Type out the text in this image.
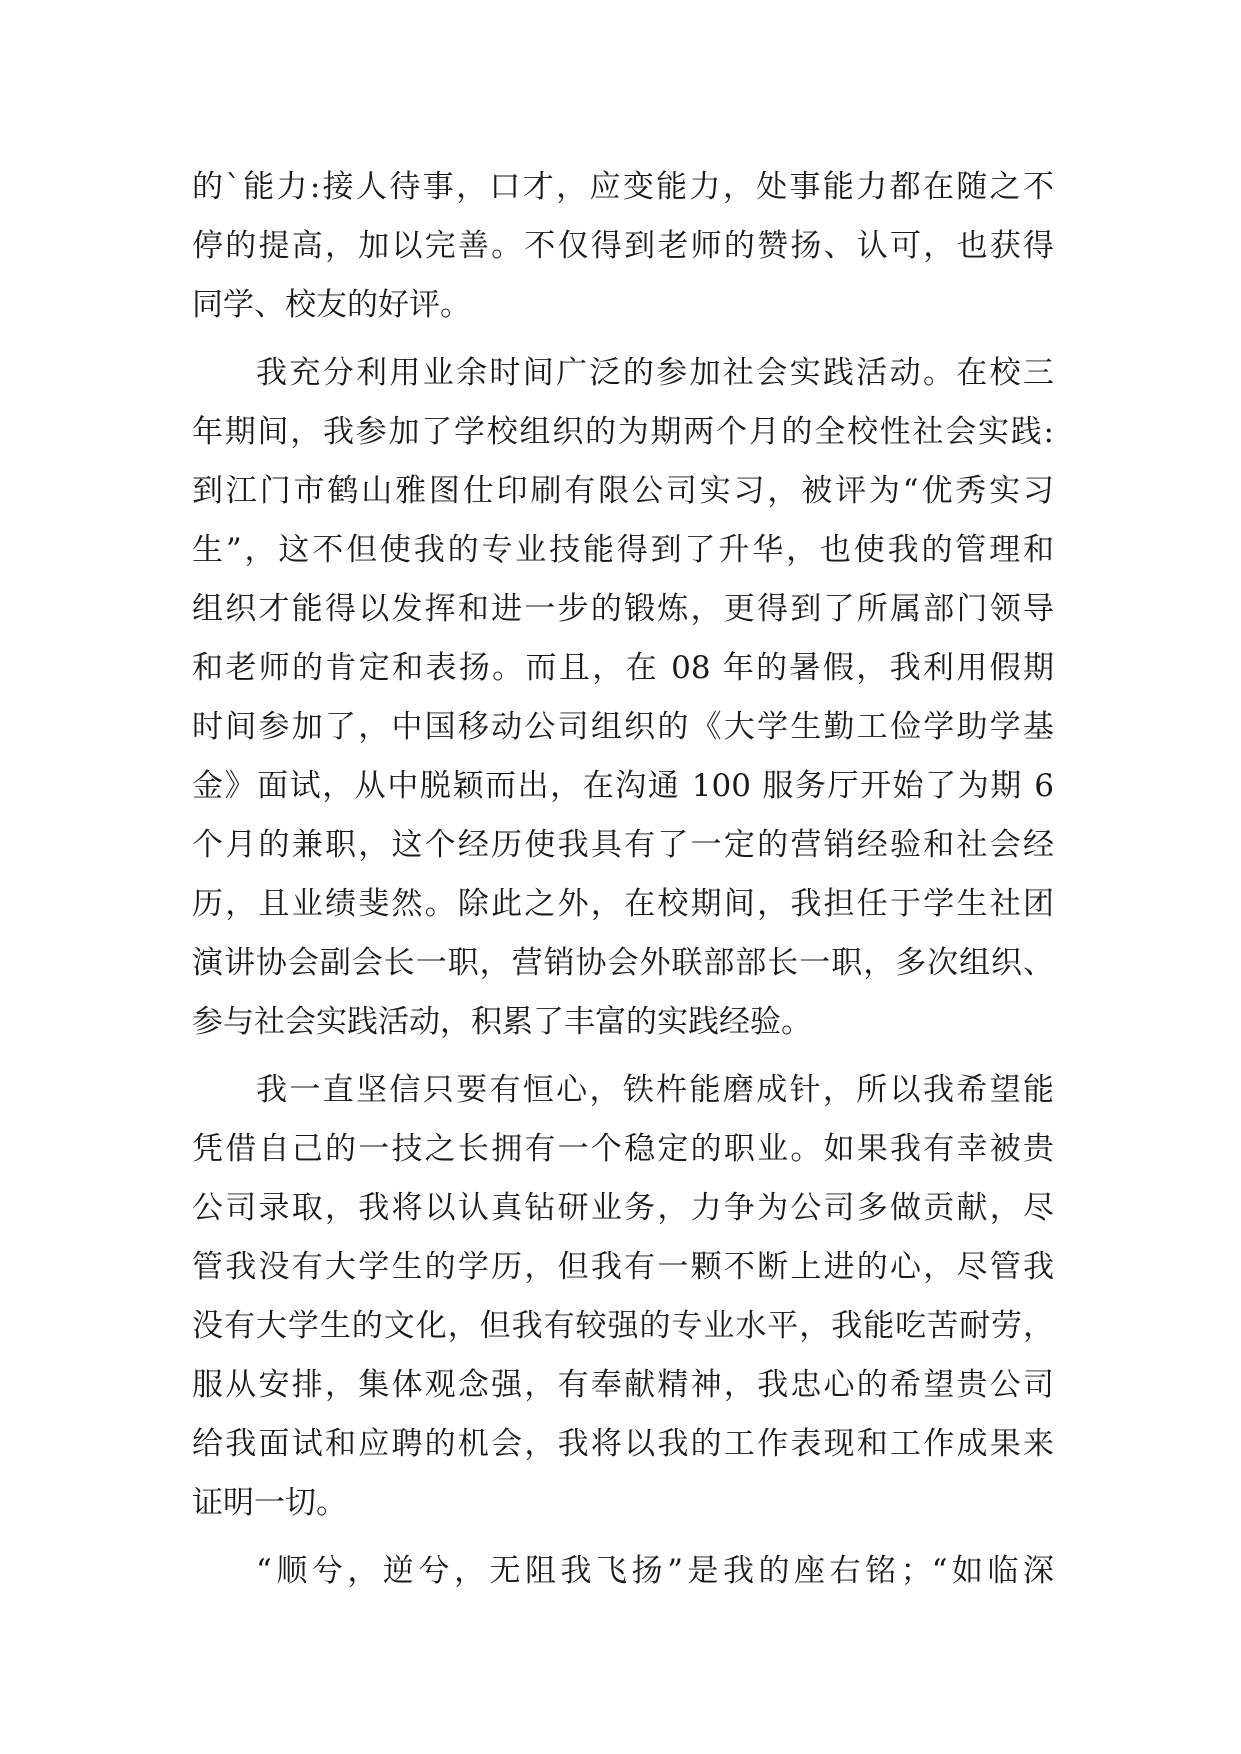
的`能力:接人待事，口才，应变能力，处事能力都在随之不
停的提高，加以完善。不仅得到老师的赞扬、认可，也获得
同学、校友的好评。
我充分利用业余时间广泛的参加社会实践活动。在校三
年期间，我参加了学校组织的为期两个月的全校性社会实践:
到江门市鹤山雅图仕印刷有限公司实习，被评为“优秀实习
生”，这不但使我的专业技能得到了升华，也使我的管理和
组织才能得以发挥和进一步的锻炼，更得到了所属部门领导
和老师的肯定和表扬。而且，在 08 年的暑假，我利用假期
时间参加了，中国移动公司组织的《大学生勤工俭学助学基
金》面试，从中脱颖而出，在沟通 100 服务厅开始了为期 6
个月的兼职，这个经历使我具有了一定的营销经验和社会经
历，且业绩斐然。除此之外，在校期间，我担任于学生社团
演讲协会副会长一职，营销协会外联部部长一职，多次组织、
参与社会实践活动，积累了丰富的实践经验。
我一直坚信只要有恒心，铁杵能磨成针，所以我希望能
凭借自己的一技之长拥有一个稳定的职业。如果我有幸被贵
公司录取，我将以认真钻研业务，力争为公司多做贡献，尽
管我没有大学生的学历，但我有一颗不断上进的心，尽管我
没有大学生的文化，但我有较强的专业水平，我能吃苦耐劳，
服从安排，集体观念强，有奉献精神，我忠心的希望贵公司
给我面试和应聘的机会，我将以我的工作表现和工作成果来
证明一切。
“顺兮，逆兮，无阻我飞扬”是我的座右铭；“如临深
